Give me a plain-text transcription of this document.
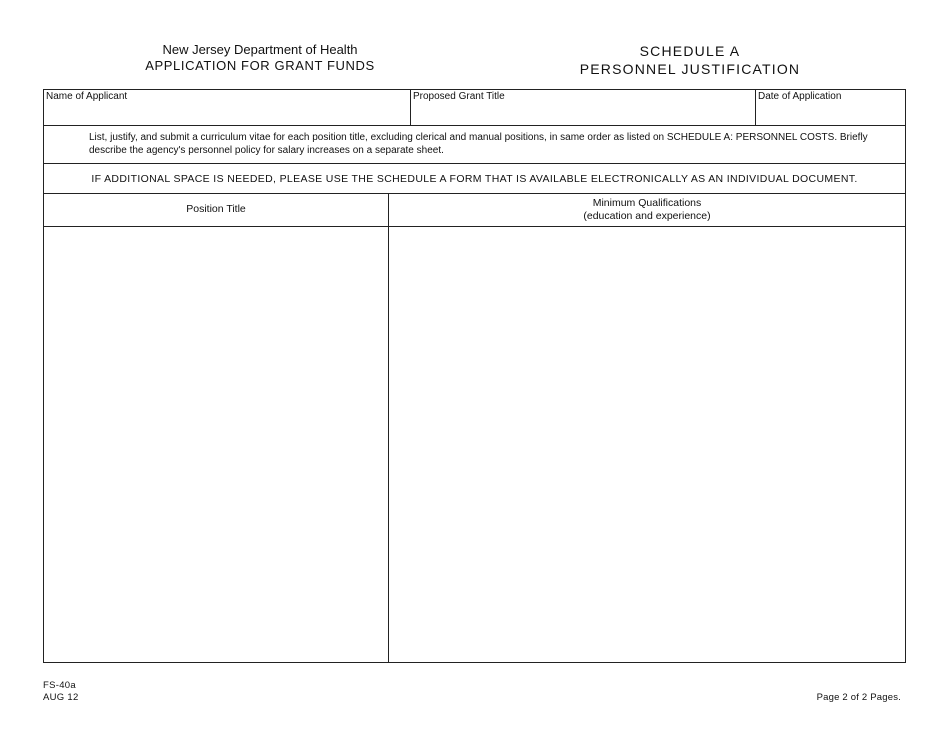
New Jersey Department of Health
APPLICATION FOR GRANT FUNDS
SCHEDULE A
PERSONNEL JUSTIFICATION
Name of Applicant	Proposed Grant Title	Date of Application
List, justify, and submit a curriculum vitae for each position title, excluding clerical and manual positions, in same order as listed on SCHEDULE A: PERSONNEL COSTS. Briefly describe the agency's personnel policy for salary increases on a separate sheet.
IF ADDITIONAL SPACE IS NEEDED, PLEASE USE THE SCHEDULE A FORM THAT IS AVAILABLE ELECTRONICALLY AS AN INDIVIDUAL DOCUMENT.
Position Title	Minimum Qualifications
(education and experience)
FS-40a
AUG 12	Page 2 of 2 Pages.
